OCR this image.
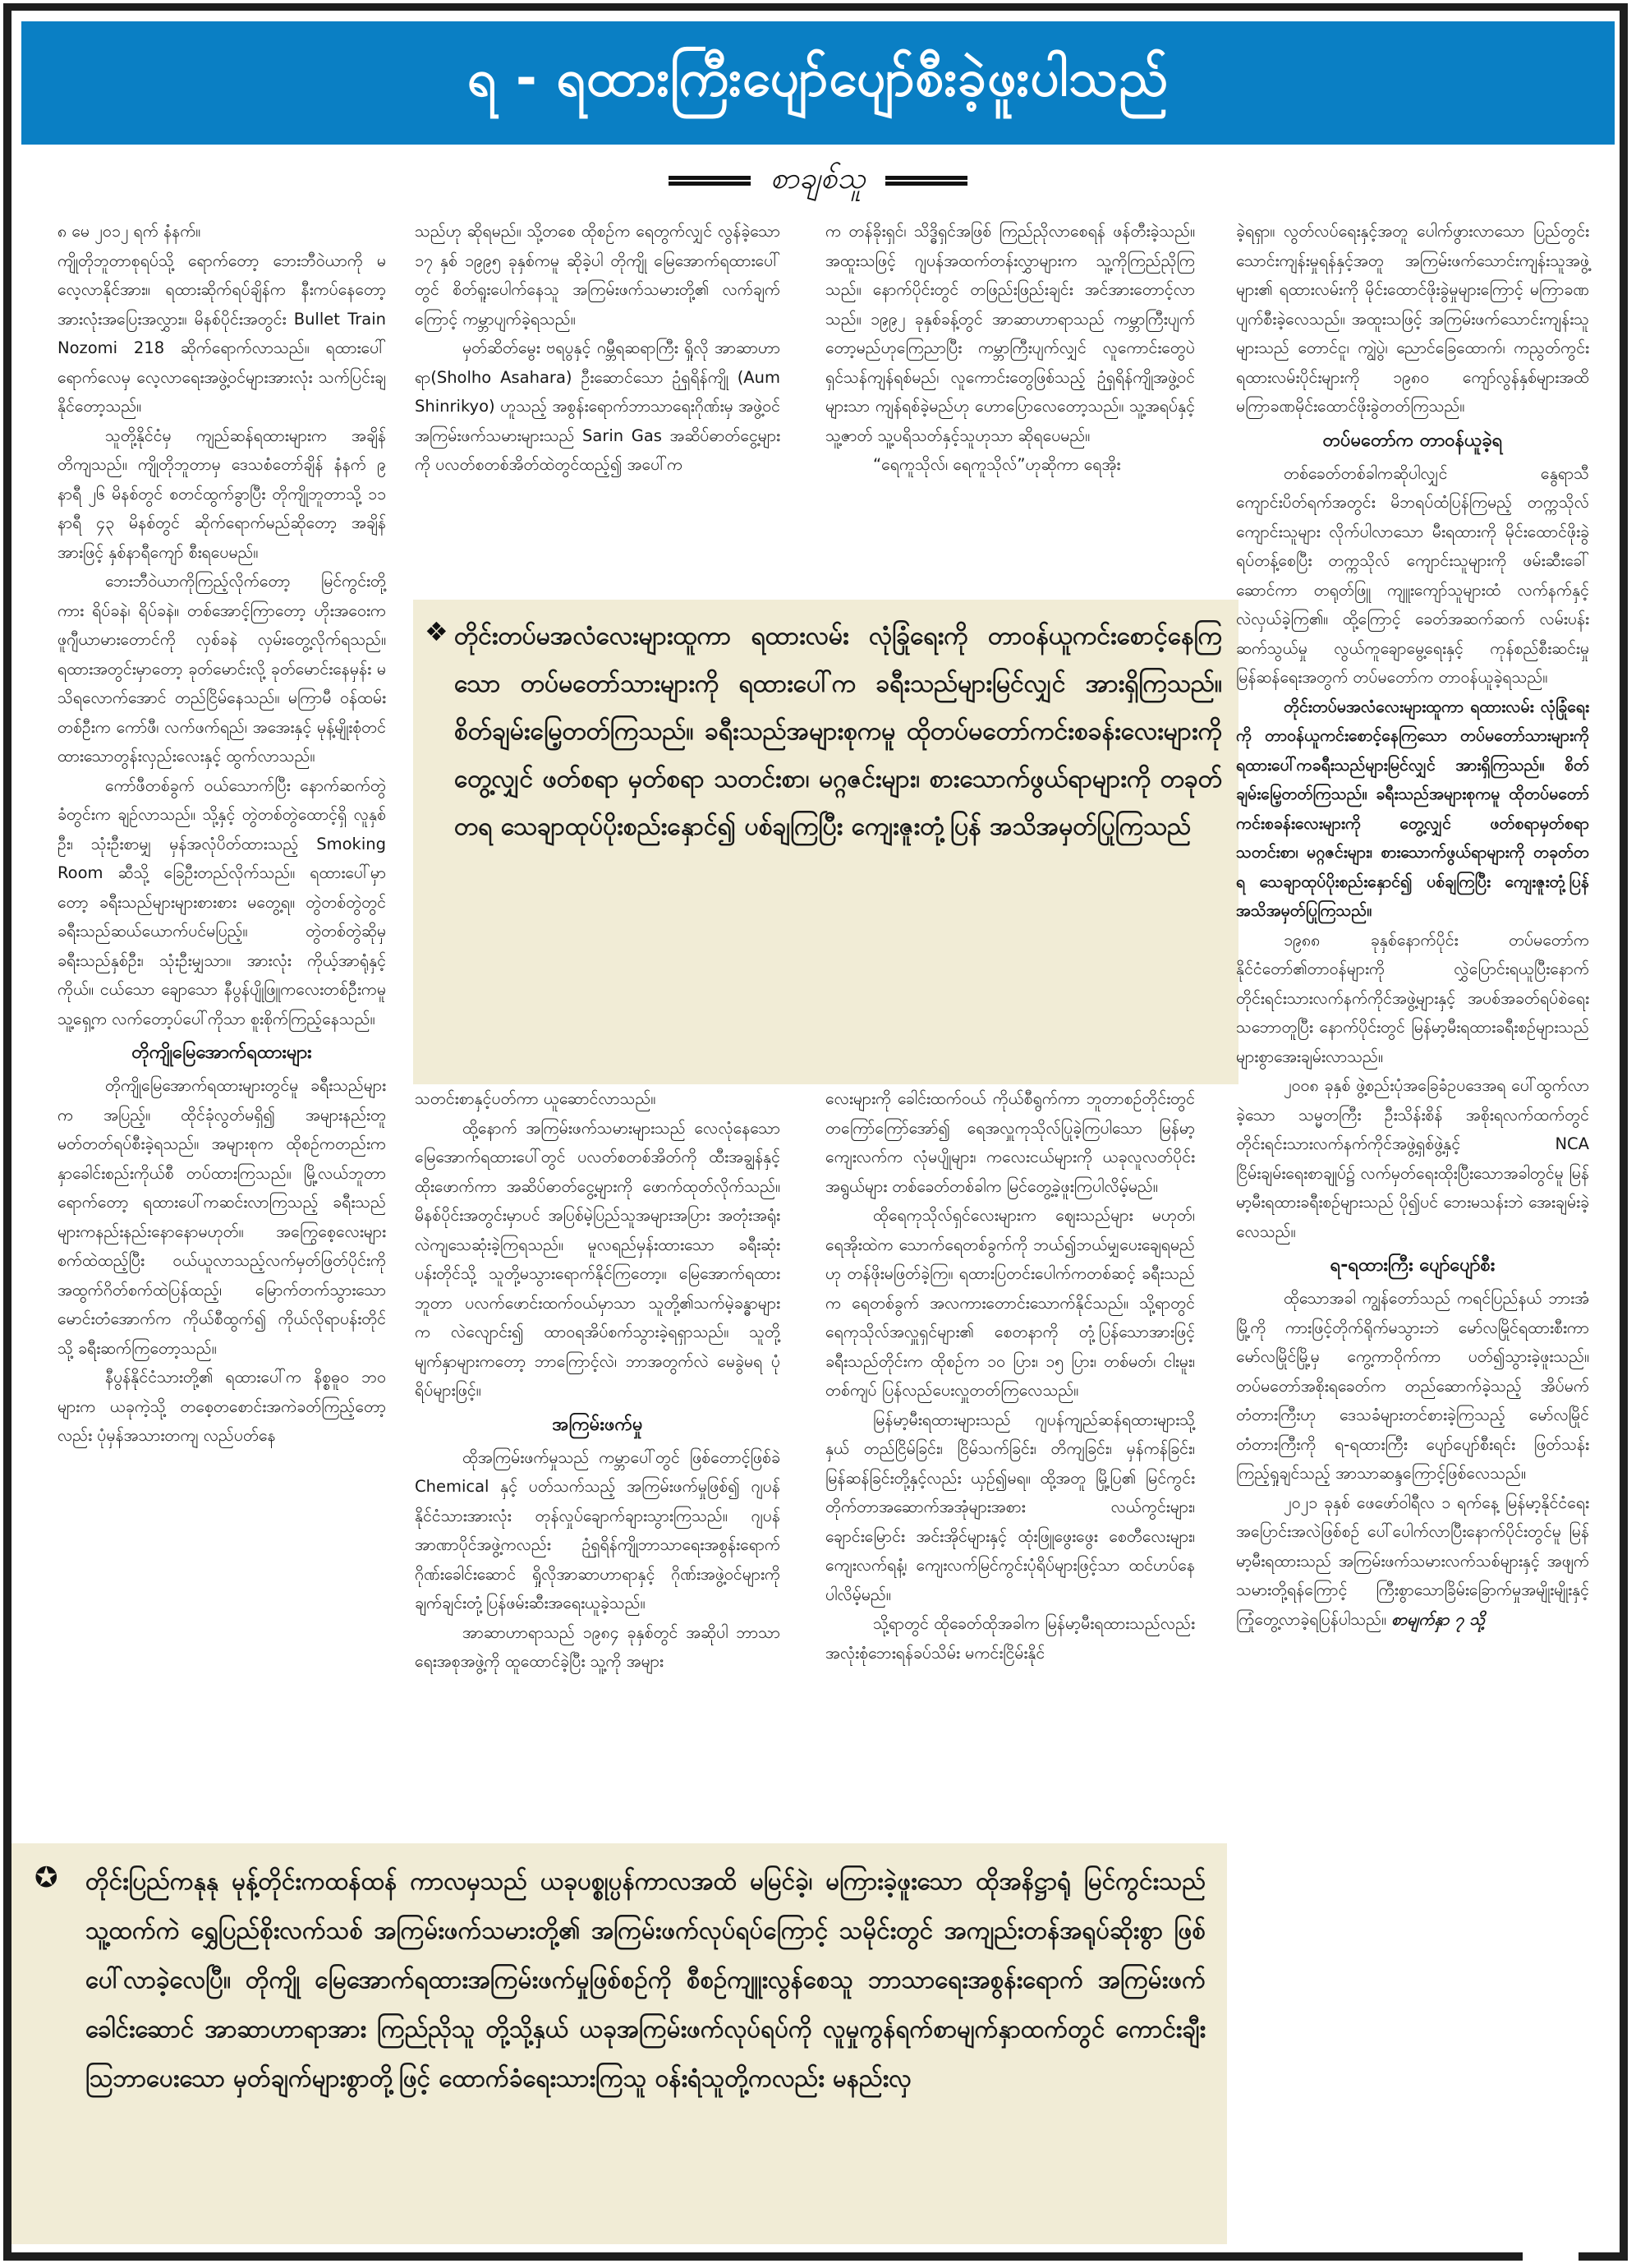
ရ - ရထားကြီးပျော်ပျော်စီးခဲ့ဖူးပါသည်
စာချစ်သူ

၈ မေ ၂၀၁၂ ရက် နံနက်။

ကျိုတိုဘူတာစုရပ်သို့ ရောက်တော့ ဘေးဘီဝဲယာကို မလေ့လာနိုင်အား။ ရထားဆိုက်ရပ်ချိန်က နီးကပ်နေတော့ အားလုံးအပြေးအလွှား။ မိနစ်ပိုင်းအတွင်း Bullet Train Nozomi 218 ဆိုက်ရောက်လာသည်။ ရထားပေါ်ရောက်လေမှ လေ့လာရေးအဖွဲ့ဝင်များအားလုံး သက်ပြင်းချနိုင်တော့သည်။

သူတို့နိုင်ငံမှ ကျည်ဆန်ရထားများက အချိန်တိကျသည်။ ကျိုတိုဘူတာမှ ဒေသစံတော်ချိန် နံနက် ၉ နာရီ ၂၆ မိနစ်တွင် စတင်ထွက်ခွာပြီး တိုကျိုဘူတာသို့ ၁၁ နာရီ ၄၃ မိနစ်တွင် ဆိုက်ရောက်မည်ဆိုတော့ အချိန်အားဖြင့် နှစ်နာရီကျော် စီးရပေမည်။

ဘေးဘီဝဲယာကိုကြည့်လိုက်တော့ မြင်ကွင်းတို့ကား ရိပ်ခနဲ၊ ရိပ်ခနဲ။ တစ်အောင့်ကြာတော့ ဟိုးအဝေးက ဖူဂျီယာမားတောင်ကို လှစ်ခနဲ လှမ်းတွေ့လိုက်ရသည်။ ရထားအတွင်းမှာတော့ ခုတ်မောင်းလို့ ခုတ်မောင်းနေမှန်း မသိရလောက်အောင် တည်ငြိမ်နေသည်။ မကြာမီ ဝန်ထမ်းတစ်ဦးက ကော်ဖီ၊ လက်ဖက်ရည်၊ အအေးနှင့် မုန့်မျိုးစုံတင်ထားသောတွန်းလှည်းလေးနှင့် ထွက်လာသည်။

ကော်ဖီတစ်ခွက် ဝယ်သောက်ပြီး နောက်ဆက်တွဲ ခံတွင်းက ချဉ်လာသည်။ သို့နှင့် တွဲတစ်တွဲထောင့်ရှိ လူနှစ်ဦး၊ သုံးဦးစာမျှ မှန်အလုံပိတ်ထားသည့် Smoking Room ဆီသို့ ခြေဦးတည်လိုက်သည်။ ရထားပေါ်မှာတော့ ခရီးသည်များများစားစား မတွေ့ရ။ တွဲတစ်တွဲတွင် ခရီးသည်ဆယ်ယောက်ပင်မပြည့်။ တွဲတစ်တွဲဆိုမှ ခရီးသည်နှစ်ဦး၊ သုံးဦးမျှသာ။ အားလုံး ကိုယ့်အာရုံနှင့်ကိုယ်။ ငယ်သော ချောသော နီပွန်ပျိုဖြူကလေးတစ်ဦးကမူ သူ့ရှေ့က လက်တော့ပ်ပေါ်ကိုသာ စူးစိုက်ကြည့်နေသည်။

တိုကျိုမြေအောက်ရထားများ

တိုကျိုမြေအောက်ရထားများတွင်မူ ခရီးသည်များက အပြည့်။ ထိုင်ခုံလွတ်မရှိ၍ အများနည်းတူ မတ်တတ်ရပ်စီးခဲ့ရသည်။ အများစုက ထိုစဉ်ကတည်းက နှာခေါင်းစည်းကိုယ်စီ တပ်ထားကြသည်။ မြို့လယ်ဘူတာရောက်တော့ ရထားပေါ်ကဆင်းလာကြသည့် ခရီးသည်များကနည်းနည်းနောနောမဟုတ်။ အကြွေစေ့လေးများ စက်ထဲထည့်ပြီး ဝယ်ယူလာသည့်လက်မှတ်ဖြတ်ပိုင်းကို အထွက်ဂိတ်စက်ထဲပြန်ထည့်၊ မြောက်တက်သွားသော မောင်းတံအောက်က ကိုယ်စီထွက်၍ ကိုယ်လိုရာပန်းတိုင်သို့ ခရီးဆက်ကြတော့သည်။

နီပွန်နိုင်ငံသားတို့၏ ရထားပေါ်က နိစ္စဓူဝ ဘဝများက ယခုကဲ့သို့ တစေ့တစောင်းအကဲခတ်ကြည့်တော့လည်း ပုံမှန်အသားတကျ လည်ပတ်နေ

သည်ဟု ဆိုရမည်။ သို့တစေ ထိုစဉ်က ရေတွက်လျှင် လွန်ခဲ့သော ၁၇ နှစ် ၁၉၉၅ ခုနှစ်ကမူ ဆိုခဲ့ပါ တိုကျို မြေအောက်ရထားပေါ်တွင် စိတ်ရူးပေါက်နေသူ အကြမ်းဖက်သမားတို့၏ လက်ချက်ကြောင့် ကမ္ဘာပျက်ခဲ့ရသည်။

မှတ်ဆိတ်မွေး ဗရပွနှင့် ဂမ္ဘီရဆရာကြီး ရှိုလို အာဆာဟာရာ(Sholho Asahara) ဦးဆောင်သော ဉုံရှရိန်ကျို (Aum Shinrikyo) ဟူသည့် အစွန်းရောက်ဘာသာရေးဂိုဏ်းမှ အဖွဲ့ဝင်အကြမ်းဖက်သမားများသည် Sarin Gas အဆိပ်ဓာတ်ငွေ့များကို ပလတ်စတစ်အိတ်ထဲတွင်ထည့်၍ အပေါ်က

က တန်ခိုးရှင်၊ သိဒ္ဓိရှင်အဖြစ် ကြည်ညိုလာစေရန် ဖန်တီးခဲ့သည်။ အထူးသဖြင့် ဂျပန်အထက်တန်းလွှာများက သူ့ကိုကြည်ညိုကြသည်။ နောက်ပိုင်းတွင် တဖြည်းဖြည်းချင်း အင်အားတောင့်လာသည်။ ၁၉၉၂ ခုနှစ်ခန့်တွင် အာဆာဟာရာသည် ကမ္ဘာကြီးပျက်တော့မည်ဟုကြေညာပြီး ကမ္ဘာကြီးပျက်လျှင် လူကောင်းတွေပဲ ရှင်သန်ကျန်ရစ်မည်၊ လူကောင်းတွေဖြစ်သည့် ဉုံရှရိန်ကျိုအဖွဲ့ဝင်များသာ ကျန်ရစ်ခဲ့မည်ဟု ဟောပြောလေတော့သည်။ သူ့အရပ်နှင့် သူ့ဇာတ် သူ့ပရိသတ်နှင့်သူဟုသာ ဆိုရပေမည်။

“ရေကူသိုလ်၊ ရေကူသိုလ်”ဟုဆိုကာ ရေအိုး

❖ တိုင်းတပ်မအလံလေးများထူကာ ရထားလမ်း လုံခြုံရေးကို တာဝန်ယူကင်းစောင့်နေကြသော တပ်မတော်သားများကို ရထားပေါ်က ခရီးသည်များမြင်လျှင် အားရှိကြသည်။ စိတ်ချမ်းမြေ့တတ်ကြသည်။ ခရီးသည်အများစုကမူ ထိုတပ်မတော်ကင်းစခန်းလေးများကို တွေ့လျှင် ဖတ်စရာ မှတ်စရာ သတင်းစာ၊ မဂ္ဂဇင်းများ၊ စားသောက်ဖွယ်ရာများကို တခုတ်တရ သေချာထုပ်ပိုးစည်းနှောင်၍ ပစ်ချကြပြီး ကျေးဇူးတုံ့ပြန် အသိအမှတ်ပြုကြသည်

သတင်းစာနှင့်ပတ်ကာ ယူဆောင်လာသည်။

ထို့နောက် အကြမ်းဖက်သမားများသည် လေလုံနေသော မြေအောက်ရထားပေါ်တွင် ပလတ်စတစ်အိတ်ကို ထီးအချွန်နှင့် ထိုးဖောက်ကာ အဆိပ်ဓာတ်ငွေ့များကို ဖောက်ထုတ်လိုက်သည်။ မိနစ်ပိုင်းအတွင်းမှာပင် အပြစ်မဲ့ပြည်သူအများအပြား အတုံးအရုံးလဲကျသေဆုံးခဲ့ကြရသည်။ မူလရည်မှန်းထားသော ခရီးဆုံးပန်းတိုင်သို့ သူတို့မသွားရောက်နိုင်ကြတော့။ မြေအောက်ရထားဘူတာ ပလက်ဖောင်းထက်ဝယ်မှာသာ သူတို့၏သက်မဲ့ခန္ဓာများက လဲလျောင်း၍ ထာဝရအိပ်စက်သွားခဲ့ရရှာသည်။ သူတို့မျက်နှာများကတော့ ဘာကြောင့်လဲ၊ ဘာအတွက်လဲ မေခွဲမရ ပုံရိပ်များဖြင့်။

အကြမ်းဖက်မှု

ထိုအကြမ်းဖက်မှုသည် ကမ္ဘာပေါ်တွင် ဖြစ်တောင့်ဖြစ်ခဲ Chemical နှင့် ပတ်သက်သည့် အကြမ်းဖက်မှုဖြစ်၍ ဂျပန်နိုင်ငံသားအားလုံး တုန်လှုပ်ချောက်ချားသွားကြသည်။ ဂျပန်အာဏာပိုင်အဖွဲ့ကလည်း ဉုံရှရိန်ကျိုဘာသာရေးအစွန်းရောက်ဂိုဏ်းခေါင်းဆောင် ရှိုလိုအာဆာဟာရာနှင့် ဂိုဏ်းအဖွဲ့ဝင်များကို ချက်ချင်းတုံ့ပြန်ဖမ်းဆီးအရေးယူခဲ့သည်။

အာဆာဟာရာသည် ၁၉၈၄ ခုနှစ်တွင် အဆိုပါ ဘာသာရေးအစုအဖွဲ့ကို ထူထောင်ခဲ့ပြီး သူ့ကို အများ

လေးများကို ခေါင်းထက်ဝယ် ကိုယ်စီရွက်ကာ ဘူတာစဉ်တိုင်းတွင် တကြော်ကြော်အော်၍ ရေအလှူကုသိုလ်ပြုခဲ့ကြပါသော မြန်မာ့ကျေးလက်က လုံမပျိုများ၊ ကလေးငယ်များကို ယခုလူလတ်ပိုင်းအရွယ်များ တစ်ခေတ်တစ်ခါက မြင်တွေ့ခဲ့ဖူးကြပါလိမ့်မည်။

ထိုရေကုသိုလ်ရှင်လေးများက ဈေးသည်များ မဟုတ်၊ ရေအိုးထဲက သောက်ရေတစ်ခွက်ကို ဘယ်၍ဘယ်မျှပေးချေရမည်ဟု တန်ဖိုးမဖြတ်ခဲ့ကြ။ ရထားပြတင်းပေါက်ကတစ်ဆင့် ခရီးသည်က ရေတစ်ခွက် အလကားတောင်းသောက်နိုင်သည်။ သို့ရာတွင် ရေကုသိုလ်အလှူရှင်များ၏ စေတနာကို တုံ့ပြန်သောအားဖြင့် ခရီးသည်တိုင်းက ထိုစဉ်က ၁၀ ပြား၊ ၁၅ ပြား၊ တစ်မတ်၊ ငါးမူး၊ တစ်ကျပ် ပြန်လည်ပေးလှူတတ်ကြလေသည်။

မြန်မာ့မီးရထားများသည် ဂျပန်ကျည်ဆန်ရထားများသို့နှယ် တည်ငြိမ်ခြင်း၊ ငြိမ်သက်ခြင်း၊ တိကျခြင်း၊ မှန်ကန်ခြင်း၊ မြန်ဆန်ခြင်းတို့နှင့်လည်း ယှဉ်၍မရ။ ထို့အတူ မြို့ပြ၏ မြင်ကွင်းတိုက်တာအဆောက်အအုံများအစား လယ်ကွင်းများ၊ ချောင်းမြောင်း အင်းအိုင်များနှင့် ထုံးဖြူဖွေးဖွေး စေတီလေးများ၊ ကျေးလက်ရနံ့၊ ကျေးလက်မြင်ကွင်းပုံရိပ်များဖြင့်သာ ထင်ဟပ်နေပါလိမ့်မည်။

သို့ရာတွင် ထိုခေတ်ထိုအခါက မြန်မာ့မီးရထားသည်လည်း အလုံးစုံဘေးရန်ခပ်သိမ်း မကင်းငြိမ်းနိုင်

ခဲ့ရရှာ။ လွတ်လပ်ရေးနှင့်အတူ ပေါက်ဖွားလာသော ပြည်တွင်းသောင်းကျန်းမှုရန်နှင့်အတူ အကြမ်းဖက်သောင်းကျန်းသူအဖွဲ့များ၏ ရထားလမ်းကို မိုင်းထောင်ဖိုးခွဲမှုများကြောင့် မကြာခဏပျက်စီးခဲ့လေသည်။ အထူးသဖြင့် အကြမ်းဖက်သောင်းကျန်းသူများသည် တောင်ငူ၊ ကျွဲပွဲ၊ ညောင်ခြေထောက်၊ ကညွတ်ကွင်း ရထားလမ်းပိုင်းများကို ၁၉၈၀ ကျော်လွန်နှစ်များအထိ မကြာခဏမိုင်းထောင်ဖိုးခွဲတတ်ကြသည်။

တပ်မတော်က တာဝန်ယူခဲ့ရ

တစ်ခေတ်တစ်ခါကဆိုပါလျှင် နွေရာသီကျောင်းပိတ်ရက်အတွင်း မိဘရပ်ထံပြန်ကြမည့် တက္ကသိုလ်ကျောင်းသူများ လိုက်ပါလာသော မီးရထားကို မိုင်းထောင်ဖိုးခွဲရပ်တန့်စေပြီး တက္ကသိုလ် ကျောင်းသူများကို ဖမ်းဆီးခေါ်ဆောင်ကာ တရုတ်ဖြူ ကျူးကျော်သူများထံ လက်နက်နှင့် လဲလှယ်ခဲ့ကြ၏။ ထို့ကြောင့် ခေတ်အဆက်ဆက် လမ်းပန်းဆက်သွယ်မှု လွယ်ကူချောမွေ့ရေးနှင့် ကုန်စည်စီးဆင်းမှု မြန်ဆန်ရေးအတွက် တပ်မတော်က တာဝန်ယူခဲ့ရသည်။

တိုင်းတပ်မအလံလေးများထူကာ ရထားလမ်း လုံခြုံရေးကို တာဝန်ယူကင်းစောင့်နေကြသော တပ်မတော်သားများကို ရထားပေါ်ကခရီးသည်များမြင်လျှင် အားရှိကြသည်။ စိတ်ချမ်းမြေ့တတ်ကြသည်။ ခရီးသည်အများစုကမူ ထိုတပ်မတော်ကင်းစခန်းလေးများကို တွေ့လျှင် ဖတ်စရာမှတ်စရာ သတင်းစာ၊ မဂ္ဂဇင်းများ၊ စားသောက်ဖွယ်ရာများကို တခုတ်တရ သေချာထုပ်ပိုးစည်းနှောင်၍ ပစ်ချကြပြီး ကျေးဇူးတုံ့ပြန် အသိအမှတ်ပြုကြသည်။

၁၉၈၈ ခုနှစ်နောက်ပိုင်း တပ်မတော်က နိုင်ငံတော်၏တာဝန်များကို လွှဲပြောင်းရယူပြီးနောက် တိုင်းရင်းသားလက်နက်ကိုင်အဖွဲ့များနှင့် အပစ်အခတ်ရပ်စဲရေးသဘောတူပြီး နောက်ပိုင်းတွင် မြန်မာ့မီးရထားခရီးစဉ်များသည် များစွာအေးချမ်းလာသည်။

၂၀၀၈ ခုနှစ် ဖွဲ့စည်းပုံအခြေခံဥပဒေအရ ပေါ်ထွက်လာခဲ့သော သမ္မတကြီး ဦးသိန်းစိန် အစိုးရလက်ထက်တွင် တိုင်းရင်းသားလက်နက်ကိုင်အဖွဲ့ရှစ်ဖွဲ့နှင့် NCA ငြိမ်းချမ်းရေးစာချုပ်၌ လက်မှတ်ရေးထိုးပြီးသောအခါတွင်မူ မြန်မာ့မီးရထားခရီးစဉ်များသည် ပို၍ပင် ဘေးမသန်းဘဲ အေးချမ်းခဲ့လေသည်။

ရ-ရထားကြီး ပျော်ပျော်စီး

ထိုသောအခါ ကျွန်တော်သည် ကရင်ပြည်နယ် ဘားအံမြို့ကို ကားဖြင့်တိုက်ရိုက်မသွားဘဲ မော်လမြိုင်ရထားစီးကာ မော်လမြိုင်မြို့မှ ကွေ့ကာဝိုက်ကာ ပတ်၍သွားခဲ့ဖူးသည်။ တပ်မတော်အစိုးရခေတ်က တည်ဆောက်ခဲ့သည့် အိပ်မက်တံတားကြီးဟု ဒေသခံများတင်စားခဲ့ကြသည့် မော်လမြိုင်တံတားကြီးကို ရ-ရထားကြီး ပျော်ပျော်စီးရင်း ဖြတ်သန်းကြည့်ရှုချင်သည့် အာသာဆန္ဒကြောင့်ဖြစ်လေသည်။

၂၀၂၁ ခုနှစ် ဖေဖော်ဝါရီလ ၁ ရက်နေ့ မြန်မာ့နိုင်ငံရေးအပြောင်းအလဲဖြစ်စဉ် ပေါ်ပေါက်လာပြီးနောက်ပိုင်းတွင်မူ မြန်မာ့မီးရထားသည် အကြမ်းဖက်သမားလက်သစ်များနှင့် အဖျက်သမားတို့ရန်ကြောင့် ကြီးစွာသောခြိမ်းခြောက်မှုအမျိုးမျိုးနှင့် ကြုံတွေ့လာခဲ့ရပြန်ပါသည်။ စာမျက်နှာ ၇ သို့

✪ တိုင်းပြည်ကနုနု မုန့်တိုင်းကထန်ထန် ကာလမှသည် ယခုပစ္စုပ္ပန်ကာလအထိ မမြင်ခဲ့၊ မကြားခဲ့ဖူးသော ထိုအနိဋ္ဌာရုံ မြင်ကွင်းသည် သူ့ထက်ကဲ ရွှေပြည်စိုးလက်သစ် အကြမ်းဖက်သမားတို့၏ အကြမ်းဖက်လုပ်ရပ်ကြောင့် သမိုင်းတွင် အကျည်းတန်အရုပ်ဆိုးစွာ ဖြစ်ပေါ်လာခဲ့လေပြီ။ တိုကျို မြေအောက်ရထားအကြမ်းဖက်မှုဖြစ်စဉ်ကို စီစဉ်ကျူးလွန်စေသူ ဘာသာရေးအစွန်းရောက် အကြမ်းဖက်ခေါင်းဆောင် အာဆာဟာရာအား ကြည်ညိုသူ တို့သို့နှယ် ယခုအကြမ်းဖက်လုပ်ရပ်ကို လူမှုကွန်ရက်စာမျက်နှာထက်တွင် ကောင်းချီးသြဘာပေးသော မှတ်ချက်များစွာတို့ဖြင့် ထောက်ခံရေးသားကြသူ ဝန်းရံသူတို့ကလည်း မနည်းလှ
